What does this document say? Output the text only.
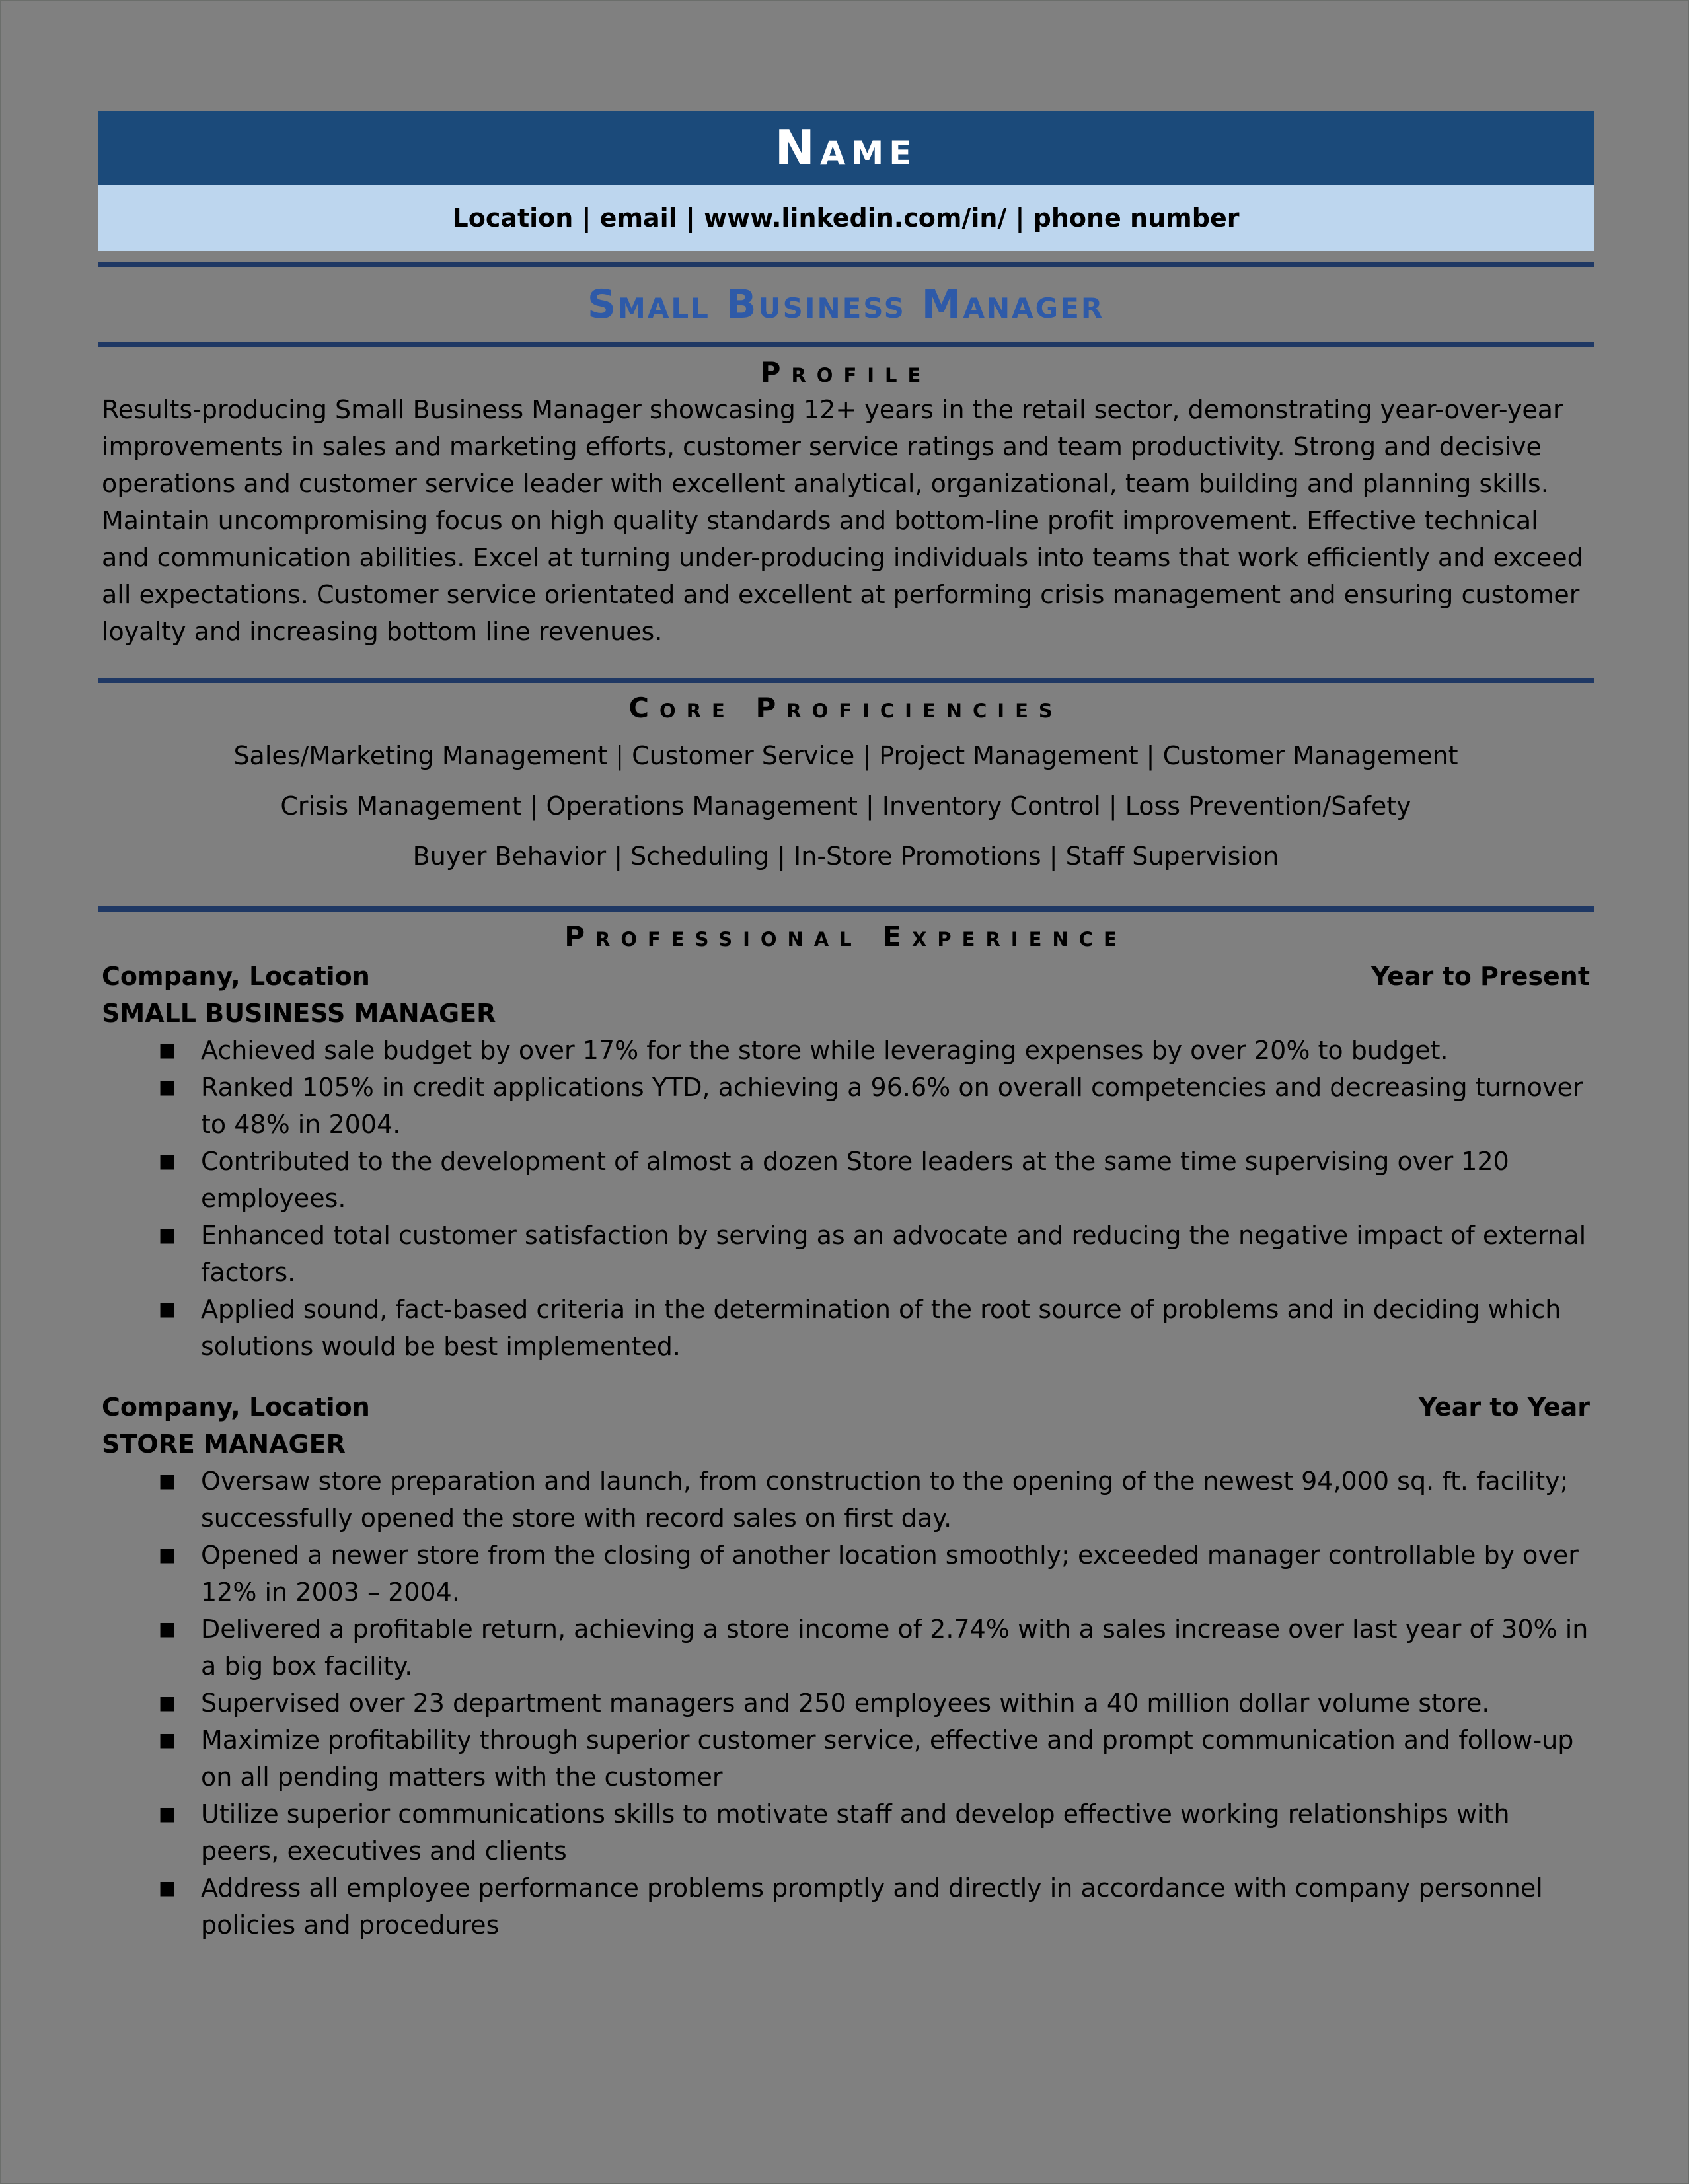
Name
Location | email | www.linkedin.com/in/ | phone number
Small Business Manager
Profile
Results-producing Small Business Manager showcasing 12+ years in the retail sector, demonstrating year-over-year improvements in sales and marketing efforts, customer service ratings and team productivity. Strong and decisive operations and customer service leader with excellent analytical, organizational, team building and planning skills. Maintain uncompromising focus on high quality standards and bottom-line profit improvement. Effective technical and communication abilities. Excel at turning under-producing individuals into teams that work efficiently and exceed all expectations. Customer service orientated and excellent at performing crisis management and ensuring customer loyalty and increasing bottom line revenues.
Core Proficiencies
Sales/Marketing Management | Customer Service | Project Management | Customer Management
Crisis Management | Operations Management | Inventory Control | Loss Prevention/Safety
Buyer Behavior | Scheduling | In-Store Promotions | Staff Supervision
Professional Experience
Company, Location	Year to Present
SMALL BUSINESS MANAGER
■ Achieved sale budget by over 17% for the store while leveraging expenses by over 20% to budget.
■ Ranked 105% in credit applications YTD, achieving a 96.6% on overall competencies and decreasing turnover to 48% in 2004.
■ Contributed to the development of almost a dozen Store leaders at the same time supervising over 120 employees.
■ Enhanced total customer satisfaction by serving as an advocate and reducing the negative impact of external factors.
■ Applied sound, fact-based criteria in the determination of the root source of problems and in deciding which solutions would be best implemented.
Company, Location	Year to Year
STORE MANAGER
■ Oversaw store preparation and launch, from construction to the opening of the newest 94,000 sq. ft. facility; successfully opened the store with record sales on first day.
■ Opened a newer store from the closing of another location smoothly; exceeded manager controllable by over 12% in 2003 – 2004.
■ Delivered a profitable return, achieving a store income of 2.74% with a sales increase over last year of 30% in a big box facility.
■ Supervised over 23 department managers and 250 employees within a 40 million dollar volume store.
■ Maximize profitability through superior customer service, effective and prompt communication and follow-up on all pending matters with the customer
■ Utilize superior communications skills to motivate staff and develop effective working relationships with peers, executives and clients
■ Address all employee performance problems promptly and directly in accordance with company personnel policies and procedures
